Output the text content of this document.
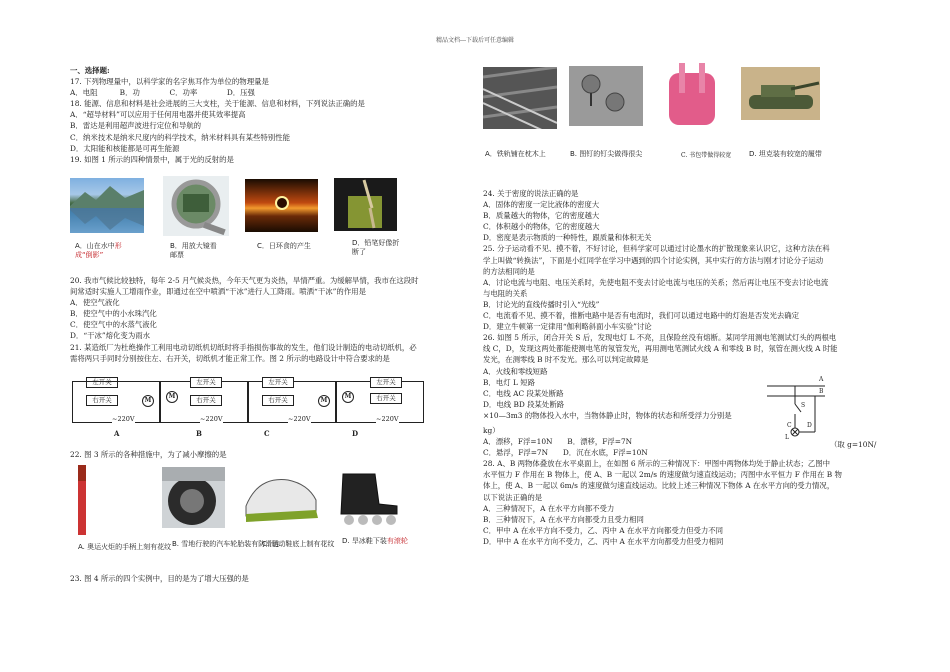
精品文档---下载后可任意编辑

一、选择题:

17. 下列物理量中，以科学家的名字焦耳作为单位的物理量是

A．电阻　　　B．功　　　　C．功率　　　　D．压强

18. 能源、信息和材料是社会进展的三大支柱，关于能源、信息和材料，下列说法正确的是

A．“超导材料”可以应用于任何用电器并使其效率提高

B．雷达是利用超声波进行定位和导航的

C．纳米技术是纳米尺度内的科学技术，纳米材料具有某些特别性能

D．太阳能和核能都是可再生能源

19. 如图 1 所示的四种情景中，属于光的反射的是

A．山在水中形
成“倒影”
B．用放大镜看
邮票
C．日环食的产生	D．铅笔好像折
断了

20. 我市气候比较独特，每年 2-5 月气候炎热，今年天气更为炎热，旱情严重。为缓解旱情，我市在这段时

间常适时实施人工增雨作业，即通过在空中喷洒“干冰”进行人工降雨。喷洒“干冰”的作用是

A．使空气液化

B．使空气中的小水珠汽化

C．使空气中的水蒸气液化

D．“干冰”熔化变为雨水

21. 某造纸厂为杜绝操作工利用电动切纸机切纸时将手指损伤事故的发生，他们设计制造的电动切纸机，必

需将两只手同时分别按住左、右开关，切纸机才能正常工作。图 2 所示的电路设计中符合要求的是

左开关
右开关	M
~220V
M
左开关
右开关
~220V
左开关
右开关	M
~220V
M
左开关
右开关
~220V
A	B	C	D

22. 图 3 所示的各种措施中，为了减小摩擦的是

A. 奥运火炬的手柄上刻有花纹 B. 雪地行驶的汽车轮胎装有防滑链
C. 运动鞋底上制有花纹 D. 旱冰鞋下装有滚轮

23. 图 4 所示的四个实例中，目的是为了增大压强的是

A．铁轨铺在枕木上	B. 图钉的钉尖做得很尖	C. 书包带做得较宽	D. 坦克装有较宽的履带

24. 关于密度的说法正确的是

A．固体的密度一定比液体的密度大

B．质量越大的物体，它的密度越大

C．体积越小的物体，它的密度越大

D．密度是表示物质的一种特性，跟质量和体积无关

25. 分子运动看不见、摸不着，不好讨论，但科学家可以通过讨论墨水的扩散现象来认识它，这种方法在科

学上叫做“转换法”，下面是小红同学在学习中遇到的四个讨论实例，其中实行的方法与刚才讨论分子运动

的方法相同的是

A．讨论电流与电阻、电压关系时，先使电阻不变去讨论电流与电压的关系；然后再让电压不变去讨论电流

与电阻的关系

B．讨论光的直线传播时引入“光线”

C．电流看不见、摸不着，推断电路中是否有电流时，我们可以通过电路中的灯泡是否发光去确定

D．建立牛顿第一定律用“伽利略斜面小车实验”讨论

26. 如图 5 所示，闭合开关 S 后，发现电灯 L 不亮，且保险丝没有熔断。某同学用测电笔测试灯头的两根电

线 C，D，发现这两处都能使测电笔的氖管发光，再用测电笔测试火线 A 和零线 B 时，氖管在测火线 A 时能

发光，在测零线 B 时不发光。那么可以判定故障是

A．火线和零线短路

B．电灯 L 短路

C．电线 AC 段某处断路

D．电线 BD 段某处断路

×10—3m3 的物体投入水中，当物体静止时，物体的状态和所受浮力分别是

kg）

A．漂移，F浮=10N　　B．漂移，F浮=7N

C．悬浮，F浮=7N　　D．沉在水底，F浮=10N

28. A、B 两物体叠放在水平桌面上，在如图 6 所示的三种情况下：甲图中两物体均处于静止状态；乙图中

水平恒力 F 作用在 B 物体上，使 A、B 一起以 2m/s 的速度做匀速直线运动；丙图中水平恒力 F 作用在 B 物

体上，使 A、B 一起以 6m/s 的速度做匀速直线运动。比较上述三种情况下物体 A 在水平方向的受力情况，

以下说法正确的是

A．三种情况下，A 在水平方向都不受力

B．三种情况下，A 在水平方向都受力且受力相同

C．甲中 A 在水平方向不受力，乙、丙中 A 在水平方向都受力但受力不同

D．甲中 A 在水平方向不受力，乙、丙中 A 在水平方向都受力但受力相同

（取 g=10N/
A
B
S
C	D
L
